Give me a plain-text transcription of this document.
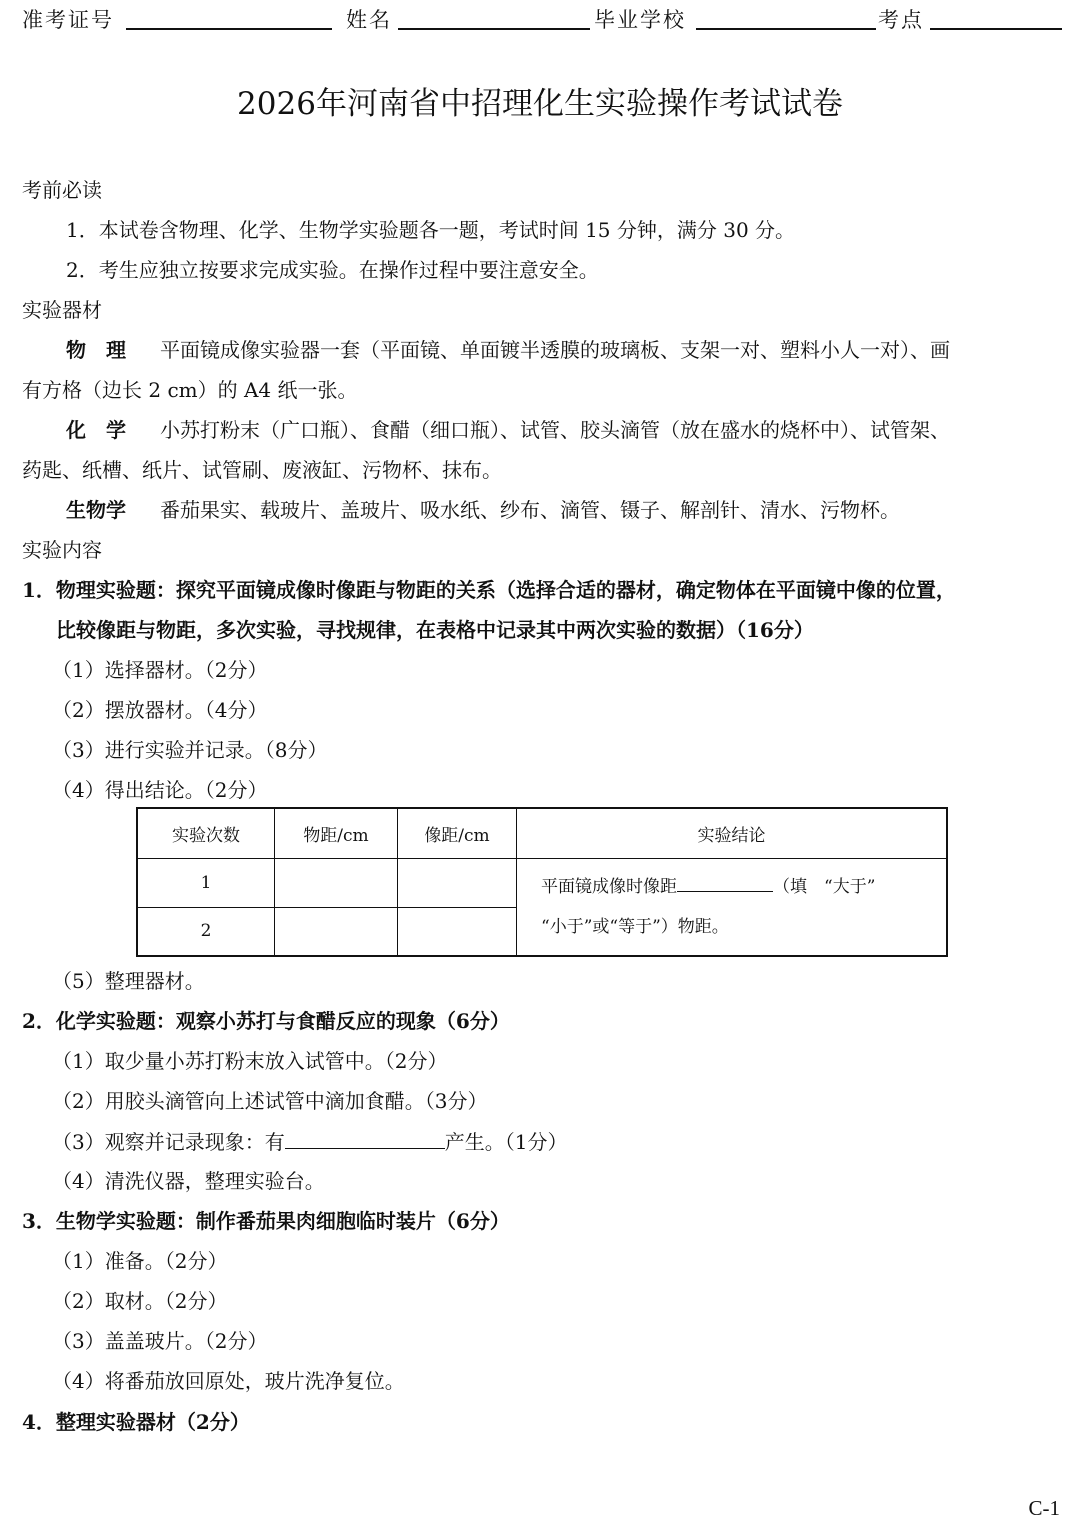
准考证号	姓名	毕业学校	考点
2026年河南省中招理化生实验操作考试试卷
考前必读
1．本试卷含物理、化学、生物学实验题各一题，考试时间 15 分钟，满分 30 分。
2．考生应独立按要求完成实验。在操作过程中要注意安全。
实验器材
物　理 平面镜成像实验器一套（平面镜、单面镀半透膜的玻璃板、支架一对、塑料小人一对）、画
有方格（边长 2 cm）的 A4 纸一张。
化　学 小苏打粉末（广口瓶）、食醋（细口瓶）、试管、胶头滴管（放在盛水的烧杯中）、试管架、
药匙、纸槽、纸片、试管刷、废液缸、污物杯、抹布。
生物学 番茄果实、载玻片、盖玻片、吸水纸、纱布、滴管、镊子、解剖针、清水、污物杯。
实验内容
1．物理实验题：探究平面镜成像时像距与物距的关系（选择合适的器材，确定物体在平面镜中像的位置，
比较像距与物距，多次实验，寻找规律，在表格中记录其中两次实验的数据）（16分）
（1）选择器材。（2分）
（2）摆放器材。（4分）
（3）进行实验并记录。（8分）
（4）得出结论。（2分）
实验次数	物距/cm	像距/cm	实验结论
1			平面镜成像时像距 （填　“大于”
“小于”或“等于”）物距。
2			
（5）整理器材。
2．化学实验题：观察小苏打与食醋反应的现象（6分）
（1）取少量小苏打粉末放入试管中。（2分）
（2）用胶头滴管向上述试管中滴加食醋。（3分）
（3）观察并记录现象：有	产生。（1分）
（4）清洗仪器，整理实验台。
3．生物学实验题：制作番茄果肉细胞临时装片（6分）
（1）准备。（2分）
（2）取材。（2分）
（3）盖盖玻片。（2分）
（4）将番茄放回原处，玻片洗净复位。
4．整理实验器材（2分）
C-1
